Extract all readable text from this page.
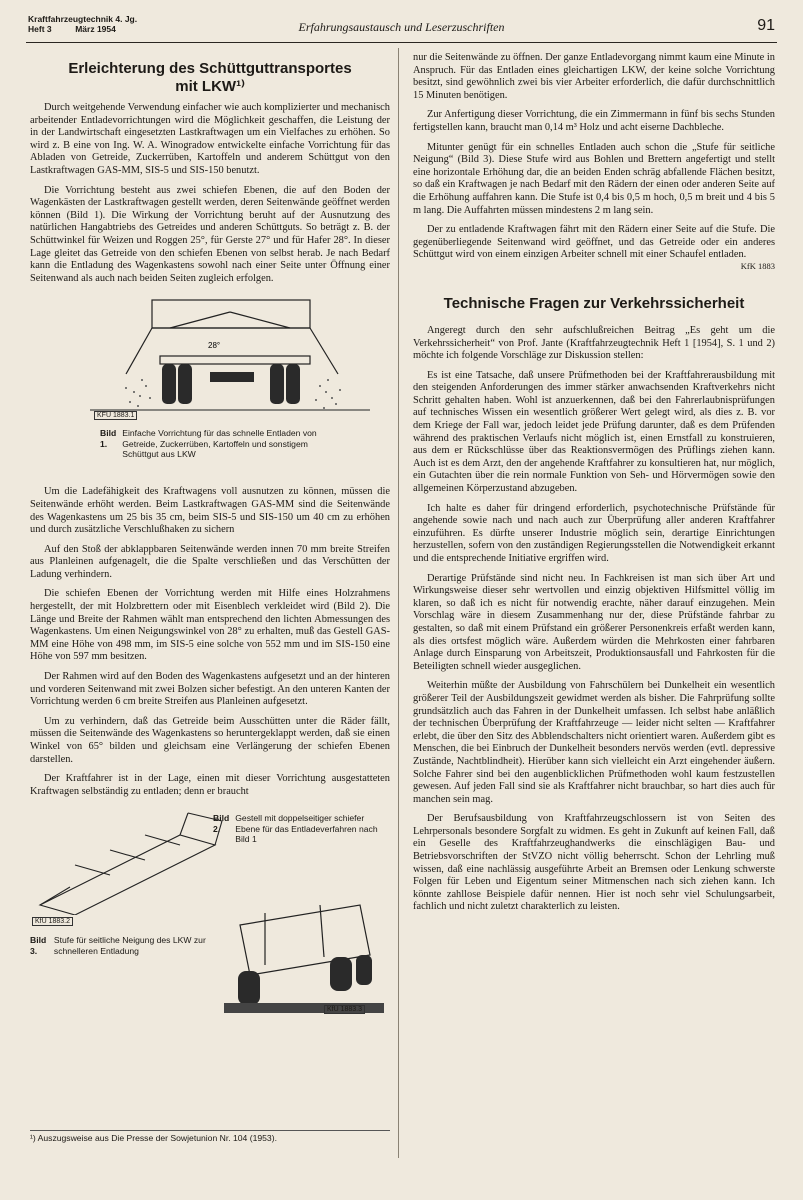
Kraftfahrzeugtechnik 4. Jg.
Heft 3          März 1954	Erfahrungsaustausch und Leserzuschriften	91
Erleichterung des Schüttguttransportes
mit LKW¹⁾

Durch weitgehende Verwendung einfacher wie auch komplizierter und mechanisch arbeitender Entladevorrichtungen wird die Möglichkeit geschaffen, die Leistung der in der Landwirtschaft eingesetzten Lastkraftwagen um ein Vielfaches zu erhöhen. So wird z. B eine von Ing. W. A. Winogradow entwickelte einfache Vorrichtung für das Abladen von Getreide, Zuckerrüben, Kartoffeln und anderem Schüttgut von den Lastkraftwagen GAS-MM, SIS-5 und SIS-150 benutzt.

Die Vorrichtung besteht aus zwei schiefen Ebenen, die auf den Boden der Wagenkästen der Lastkraftwagen gestellt werden, deren Seitenwände geöffnet werden können (Bild 1). Die Wirkung der Vorrichtung beruht auf der Ausnutzung des natürlichen Hangabtriebs des Getreides und anderen Schüttguts. So beträgt z. B. der Schüttwinkel für Weizen und Roggen 25°, für Gerste 27° und für Hafer 28°. In dieser Lage gleitet das Getreide von den schiefen Ebenen von selbst herab. Je nach Bedarf kann die Entladung des Wagenkastens sowohl nach einer Seite unter Öffnung einer Seitenwand als auch nach beiden Seiten zugleich erfolgen.

28°
KFU 1883.1
Bild 1.
Einfache Vorrichtung für das schnelle Entladen von Getreide, Zuckerrüben, Kartoffeln und sonstigem Schüttgut aus LKW

Um die Ladefähigkeit des Kraftwagens voll ausnutzen zu können, müssen die Seitenwände erhöht werden. Beim Lastkraftwagen GAS-MM sind die Seitenwände des Wagenkastens um 25 bis 35 cm, beim SIS-5 und SIS-150 um 40 cm zu erhöhen und durch zusätzliche Verschlußhaken zu sichern

Auf den Stoß der abklappbaren Seitenwände werden innen 70 mm breite Streifen aus Planleinen aufgenagelt, die die Spalte verschließen und das Verschütten der Ladung verhindern.

Die schiefen Ebenen der Vorrichtung werden mit Hilfe eines Holzrahmens hergestellt, der mit Holzbrettern oder mit Eisenblech verkleidet wird (Bild 2). Die Länge und Breite der Rahmen wählt man entsprechend den lichten Abmessungen des Wagenkastens. Um einen Neigungswinkel von 28° zu erhalten, muß das Gestell GAS-MM eine Höhe von 498 mm, im SIS-5 eine solche von 552 mm und im SIS-150 eine Höhe von 597 mm besitzen.

Der Rahmen wird auf den Boden des Wagenkastens aufgesetzt und an der hinteren und vorderen Seitenwand mit zwei Bolzen sicher befestigt. An den unteren Kanten der Vorrichtung werden 6 cm breite Streifen aus Planleinen aufgesetzt.

Um zu verhindern, daß das Getreide beim Ausschütten unter die Räder fällt, müssen die Seitenwände des Wagenkastens so heruntergeklappt werden, daß sie einen Winkel von 65° bilden und gleichsam eine Verlängerung der schiefen Ebenen darstellen.

Der Kraftfahrer ist in der Lage, einen mit dieser Vorrichtung ausgestatteten Kraftwagen selbständig zu entladen; denn er braucht

KfU 1883.2
Bild 2.
Gestell mit doppelseitiger schiefer Ebene für das Entladeverfahren nach Bild 1
KfU 1883.3
Bild 3.
Stufe für seitliche Neigung des LKW zur schnelleren Entladung
¹) Auszugsweise aus Die Presse der Sowjetunion Nr. 104 (1953).

nur die Seitenwände zu öffnen. Der ganze Entladevorgang nimmt kaum eine Minute in Anspruch. Für das Entladen eines gleichartigen LKW, der keine solche Vorrichtung besitzt, sind gewöhnlich zwei bis vier Arbeiter erforderlich, die dafür durchschnittlich 15 Minuten benötigen.

Zur Anfertigung dieser Vorrichtung, die ein Zimmermann in fünf bis sechs Stunden fertigstellen kann, braucht man 0,14 m³ Holz und acht eiserne Dachbleche.

Mitunter genügt für ein schnelles Entladen auch schon die „Stufe für seitliche Neigung“ (Bild 3). Diese Stufe wird aus Bohlen und Brettern angefertigt und stellt eine horizontale Erhöhung dar, die an beiden Enden schräg abfallende Flächen besitzt, so daß ein Kraftwagen je nach Bedarf mit den Rädern der einen oder anderen Seite auf die Erhöhung auffahren kann. Die Stufe ist 0,4 bis 0,5 m hoch, 0,5 m breit und 4 bis 5 m lang. Die Auffahrten müssen mindestens 2 m lang sein.

Der zu entladende Kraftwagen fährt mit den Rädern einer Seite auf die Stufe. Die gegenüberliegende Seitenwand wird geöffnet, und das Getreide oder ein anderes Schüttgut wird von einem einzigen Arbeiter schnell mit einer Schaufel entladen.

KfK 1883
Technische Fragen zur Verkehrssicherheit

Angeregt durch den sehr aufschlußreichen Beitrag „Es geht um die Verkehrssicherheit“ von Prof. Jante (Kraftfahrzeugtechnik Heft 1 [1954], S. 1 und 2) möchte ich folgende Vorschläge zur Diskussion stellen:

Es ist eine Tatsache, daß unsere Prüfmethoden bei der Kraftfahrerausbildung mit den steigenden Anforderungen des immer stärker anwachsenden Kraftverkehrs nicht Schritt gehalten haben. Wohl ist anzuerkennen, daß bei den Fahrerlaubnisprüfungen auf technisches Wissen ein wesentlich größerer Wert gelegt wird, als dies z. B. vor dem Kriege der Fall war, jedoch leidet jede Prüfung darunter, daß es dem Prüfenden während des praktischen Verlaufs nicht möglich ist, einen Ernstfall zu konstruieren, aus dem er Rückschlüsse über das Reaktionsvermögen des Prüflings ziehen kann. Auch ist es dem Arzt, den der angehende Kraftfahrer zu konsultieren hat, nur möglich, ein Gutachten über die rein normale Funktion von Seh- und Hörvermögen sowie den allgemeinen Körperzustand abzugeben.

Ich halte es daher für dringend erforderlich, psychotechnische Prüfstände für angehende sowie nach und nach auch zur Überprüfung aller anderen Kraftfahrer einzuführen. Es dürfte unserer Industrie möglich sein, derartige Einrichtungen herzustellen, sofern von den zuständigen Regierungsstellen die Notwendigkeit erkannt und die entsprechende Initiative ergriffen wird.

Derartige Prüfstände sind nicht neu. In Fachkreisen ist man sich über Art und Wirkungsweise dieser sehr wertvollen und einzig objektiven Hilfsmittel völlig im klaren, so daß ich es nicht für notwendig erachte, näher darauf einzugehen. Mein Vorschlag wäre in diesem Zusammenhang nur der, diese Prüfstände fahrbar zu gestalten, so daß mit einem Prüfstand ein größerer Personenkreis erfaßt werden kann, als dies ortsfest möglich wäre. Außerdem würden die Mehrkosten einer fahrbaren Anlage durch Einsparung von Arbeitszeit, Produktionsausfall und Fahrkosten für die Beteiligten schnell wieder ausgeglichen.

Weiterhin müßte der Ausbildung von Fahrschülern bei Dunkelheit ein wesentlich größerer Teil der Ausbildungszeit gewidmet werden als bisher. Die Fahrprüfung sollte grundsätzlich auch das Fahren in der Dunkelheit umfassen. Ich selbst habe anläßlich der technischen Überprüfung der Kraftfahrzeuge — leider nicht selten — Kraftfahrer erlebt, die über den Sitz des Abblendschalters nicht orientiert waren. Außerdem gibt es Menschen, die bei Einbruch der Dunkelheit besonders nervös werden (evtl. depressive Zustände, Nachtblindheit). Hierüber kann sich vielleicht ein Arzt eingehender äußern. Solche Fahrer sind bei den augenblicklichen Prüfmethoden wohl kaum festzustellen gewesen. Auf jeden Fall sind sie als Kraftfahrer nicht brauchbar, so hart dies auch für manchen sein mag.

Der Berufsausbildung von Kraftfahrzeugschlossern ist von Seiten des Lehrpersonals besondere Sorgfalt zu widmen. Es geht in Zukunft auf keinen Fall, daß ein Geselle des Kraftfahrzeughandwerks die einschlägigen Bau- und Betriebsvorschriften der StVZO nicht völlig beherrscht. Schon der Lehrling muß wissen, daß eine nachlässig ausgeführte Arbeit an Bremsen oder Lenkung schwerste Folgen für Leben und Eigentum seiner Mitmenschen nach sich ziehen kann. Ich könnte zahllose Beispiele dafür nennen. Hier ist noch sehr viel Schulungsarbeit, fachlich und nicht zuletzt charakterlich zu leisten.
